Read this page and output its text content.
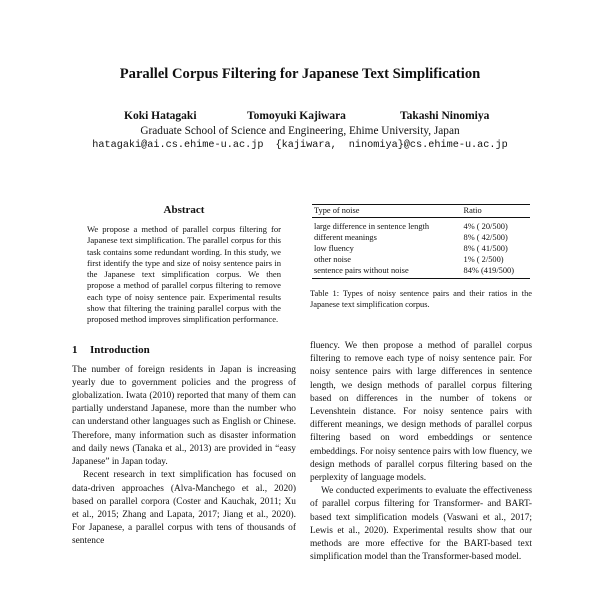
Parallel Corpus Filtering for Japanese Text Simplification
Koki Hatagaki	Tomoyuki Kajiwara	Takashi Ninomiya
Graduate School of Science and Engineering, Ehime University, Japan
hatagaki@ai.cs.ehime-u.ac.jp {kajiwara, ninomiya}@cs.ehime-u.ac.jp
Abstract

We propose a method of parallel corpus filtering for Japanese text simplification. The parallel corpus for this task contains some redundant wording. In this study, we first identify the type and size of noisy sentence pairs in the Japanese text simplification corpus. We then propose a method of parallel corpus filtering to remove each type of noisy sentence pair. Experimental results show that filtering the training parallel corpus with the proposed method improves simplification performance.

1 Introduction

The number of foreign residents in Japan is increasing yearly due to government policies and the progress of globalization. Iwata (2010) reported that many of them can partially understand Japanese, more than the number who can understand other languages such as English or Chinese. Therefore, many information such as disaster information and daily news (Tanaka et al., 2013) are provided in “easy Japanese” in Japan today.

Recent research in text simplification has focused on data-driven approaches (Alva-Manchego et al., 2020) based on parallel corpora (Coster and Kauchak, 2011; Xu et al., 2015; Zhang and Lapata, 2017; Jiang et al., 2020). For Japanese, a parallel corpus with tens of thousands of sentence

Type of noise	Ratio
large difference in sentence length	4% ( 20/500)
different meanings	8% ( 42/500)
low fluency	8% ( 41/500)
other noise	1% ( 2/500)
sentence pairs without noise	84% (419/500)

Table 1: Types of noisy sentence pairs and their ratios in the Japanese text simplification corpus.

fluency. We then propose a method of parallel corpus filtering to remove each type of noisy sentence pair. For noisy sentence pairs with large differences in sentence length, we design methods of parallel corpus filtering based on differences in the number of tokens or Levenshtein distance. For noisy sentence pairs with different meanings, we design methods of parallel corpus filtering based on word embeddings or sentence embeddings. For noisy sentence pairs with low fluency, we design methods of parallel corpus filtering based on the perplexity of language models.

We conducted experiments to evaluate the effectiveness of parallel corpus filtering for Transformer- and BART-based text simplification models (Vaswani et al., 2017; Lewis et al., 2020). Experimental results show that our methods are more effective for the BART-based text simplification model than the Transformer-based model.
